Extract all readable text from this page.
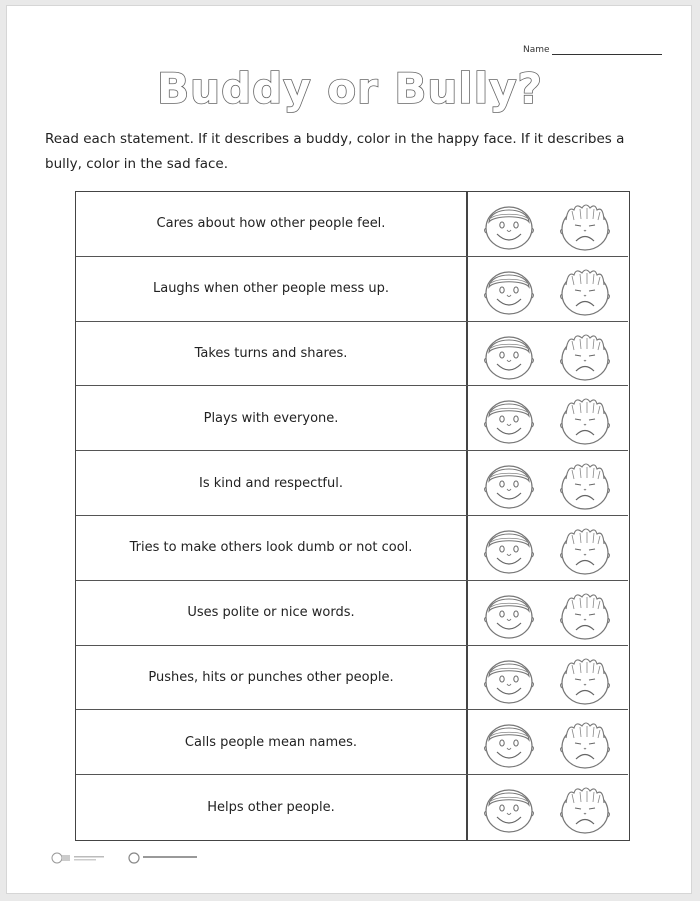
Name
Buddy or Bully?
Read each statement. If it describes a buddy, color in the happy face. If it describes a bully, color in the sad face.
Cares about how other people feel.
Laughs when other people mess up.
Takes turns and shares.
Plays with everyone.
Is kind and respectful.
Tries to make others look dumb or not cool.
Uses polite or nice words.
Pushes, hits or punches other people.
Calls people mean names.
Helps other people.
